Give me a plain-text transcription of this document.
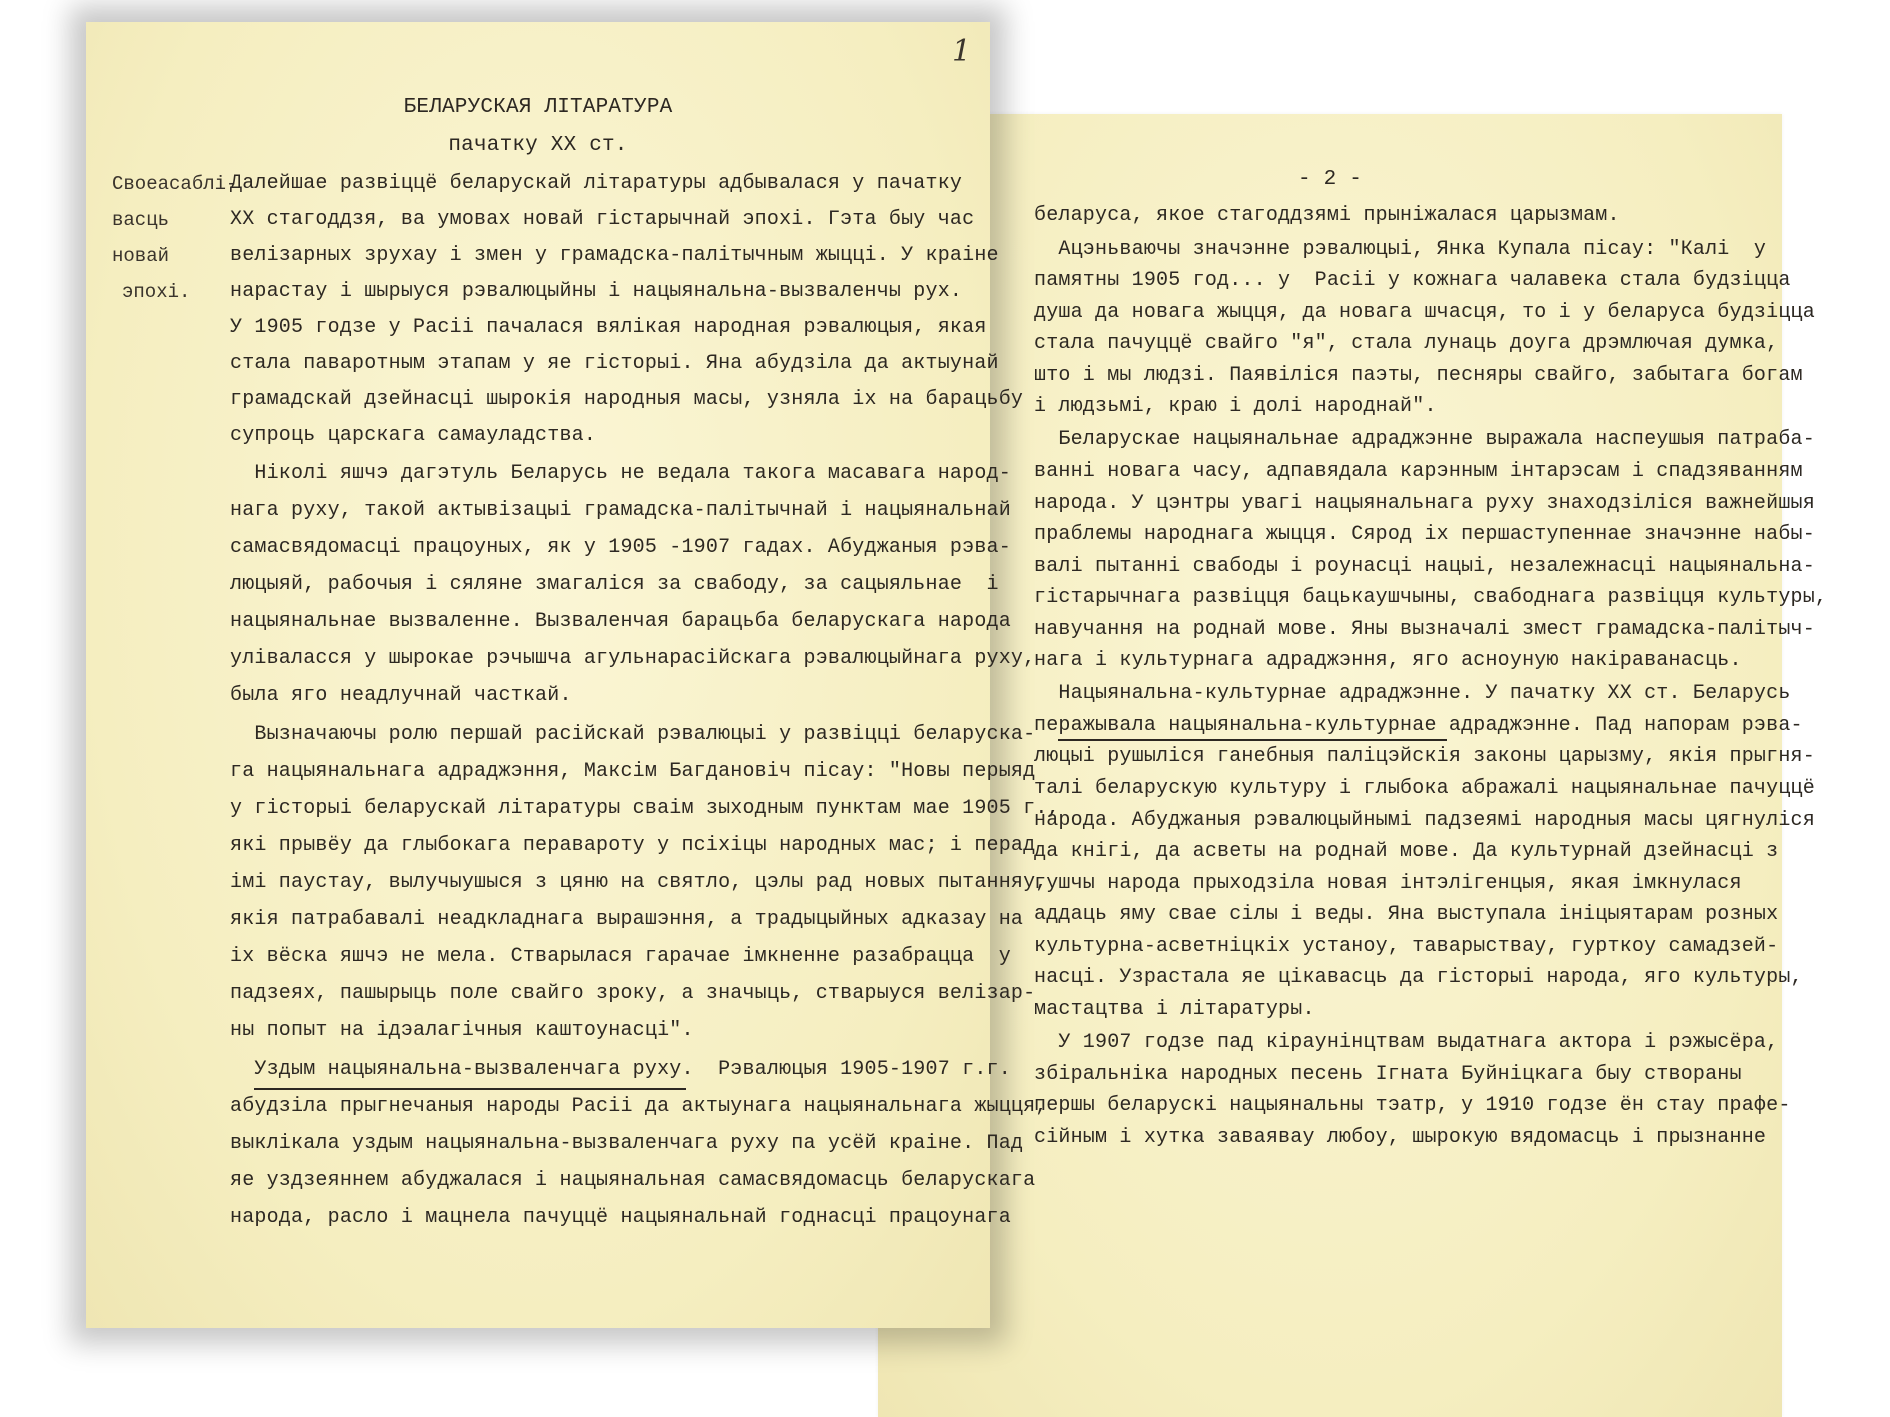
- 2 -
беларуса, якое стагоддзямі прыніжалася царызмам.
Ацэньваючы значэнне рэвалюцыі, Янка Купала пісау: "Калі  у
памятны 1905 год... у  Расіі у кожнага чалавека стала будзіцца
душа да новага жыцця, да новага шчасця, то і у беларуса будзіцца
стала пачуццё свайго "я", стала лунаць доуга дрэмлючая думка,
што і мы людзі. Паявіліся паэты, песняры свайго, забытага богам
і людзьмі, краю і долі народнай".
Беларускае нацыянальнае адраджэнне выражала наспеушыя патраба-
ванні новага часу, адпавядала карэнным інтарэсам і спадзяванням
народа. У цэнтры увагі нацыянальнага руху знаходзіліся важнейшыя
праблемы народнага жыцця. Сярод іх першаступеннае значэнне набы-
валі пытанні свабоды і роунасці нацыі, незалежнасці нацыянальна-
гістарычнага развіцця бацькаушчыны, свабоднага развіцця культуры,
навучання на роднай мове. Яны вызначалі змест грамадска-палітыч-
нага і культурнага адраджэння, яго асноуную накіраванасць.
Нацыянальна-культурнае адраджэнне. У пачатку XX ст. Беларусь
перажывала нацыянальна-культурнае адраджэнне. Пад напорам рэва-
люцыі рушыліся ганебныя паліцэйскія законы царызму, якія прыгня-
талі беларускую культуру і глыбока абражалі нацыянальнае пачуццё
народа. Абуджаныя рэвалюцыйнымі падзеямі народныя масы цягнуліся
да кнігі, да асветы на роднай мове. Да культурнай дзейнасці з
гушчы народа прыходзіла новая інтэлігенцыя, якая імкнулася
аддаць яму свае сілы і веды. Яна выступала ініцыятарам розных
культурна-асветніцкіх устаноу, таварыствау, гурткоу самадзей-
насці. Узрастала яе цікавасць да гісторыі народа, яго культуры,
мастацтва і літаратуры.
У 1907 годзе пад кіраунінцтвам выдатнага актора і рэжысёра,
збіральніка народных песень Ігната Буйніцкага быу створаны
першы беларускі нацыянальны тэатр, у 1910 годзе ён стау прафе-
сійным і хутка заваявау любоу, шырокую вядомасць і прызнанне
1
БЕЛАРУСКАЯ ЛІТАРАТУРА
пачатку XX ст.
Своеасаблі-
васць
новай
эпохі.
Далейшае развіццё беларускай літаратуры адбывалася у пачатку
XX стагоддзя, ва умовах новай гістарычнай эпохі. Гэта быу час
велізарных зрухау і змен у грамадска-палітычным жыцці. У краіне
нарастау і шырыуся рэвалюцыйны і нацыянальна-вызваленчы рух.
У 1905 годзе у Расіі пачалася вялікая народная рэвалюцыя, якая
стала паваротным этапам у яе гісторыі. Яна абудзіла да актыунай
грамадскай дзейнасці шырокія народныя масы, узняла іх на барацьбу
супроць царскага самауладства.
Ніколі яшчэ дагэтуль Беларусь не ведала такога масавага народ-
нага руху, такой актывізацыі грамадска-палітычнай і нацыянальнай
самасвядомасці працоуных, як у 1905 -1907 гадах. Абуджаныя рэва-
люцыяй, рабочыя і сяляне змагаліся за свабоду, за сацыяльнае  і
нацыянальнае вызваленне. Вызваленчая барацьба беларускага народа
уліваласся у шырокае рэчышча агульнарасійскага рэвалюцыйнага руху,
была яго неадлучнай часткай.
Вызначаючы ролю першай расійскай рэвалюцыі у развіцці беларуска-
га нацыянальнага адраджэння, Максім Багдановіч пісау: "Новы перыяд
у гісторыі беларускай літаратуры сваім зыходным пунктам мае 1905 г.,
які прывёу да глыбокага перавароту у псіхіцы народных мас; і перад
імі паустау, вылучыушыся з цяню на святло, цэлы рад новых пытанняу,
якія патрабавалі неадкладнага вырашэння, а традыцыйных адказау на
іх вёска яшчэ не мела. Стварылася гарачае імкненне разабрацца  у
падзеях, пашырыць поле свайго зроку, а значыць, стварыуся велізар-
ны попыт на ідэалагічныя каштоунасці".
Уздым нацыянальна-вызваленчага руху.  Рэвалюцыя 1905-1907 г.г.
абудзіла прыгнечаныя народы Расіі да актыунага нацыянальнага жыцця,
выклікала уздым нацыянальна-вызваленчага руху па усёй краіне. Пад
яе уздзеяннем абуджалася і нацыянальная самасвядомасць беларускага
народа, расло і мацнела пачуццё нацыянальнай годнасці працоунага
